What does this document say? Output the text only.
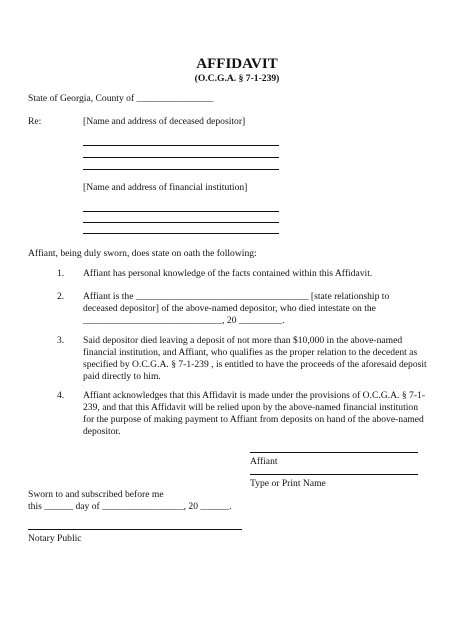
AFFIDAVIT
(O.C.G.A. § 7-1-239)
State of Georgia, County of ________________
Re:	[Name and address of deceased depositor]
[Name and address of financial institution]
Affiant, being duly sworn, does state on oath the following:
1. Affiant has personal knowledge of the facts contained within this Affidavit.
2. Affiant is the ____________________________________ [state relationship to
deceased depositor] of the above-named depositor, who died intestate on the
_____________________________, 20 _________.
3. Said depositor died leaving a deposit of not more than $10,000 in the above-named
financial institution, and Affiant, who qualifies as the proper relation to the decedent as
specified by O.C.G.A. § 7-1-239 , is entitled to have the proceeds of the aforesaid deposit
paid directly to him.
4. Affiant acknowledges that this Affidavit is made under the provisions of O.C.G.A. § 7-1-
239, and that this Affidavit will be relied upon by the above-named financial institution
for the purpose of making payment to Affiant from deposits on hand of the above-named
depositor.
Affiant
Type or Print Name
Sworn to and subscribed before me
this ______ day of _________________, 20 ______.
Notary Public
